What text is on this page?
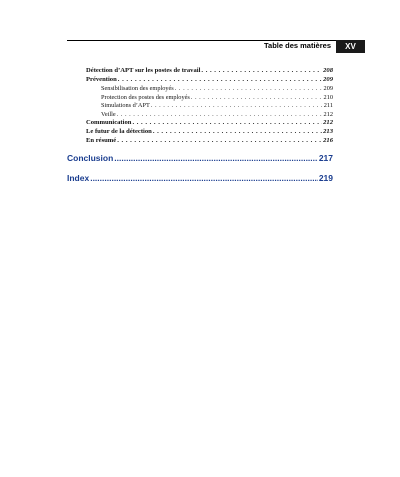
Table des matières	XV
Détection d’APT sur les postes de travail . . .	208
Prévention . . .	209
Sensibilisation des employés . . .	209
Protection des postes des employés . . .	210
Simulations d’APT . . .	211
Veille . . .	212
Communication . . .	212
Le futur de la détection . . .	213
En résumé . . .	216
Conclusion .....	217
Index .....	219
